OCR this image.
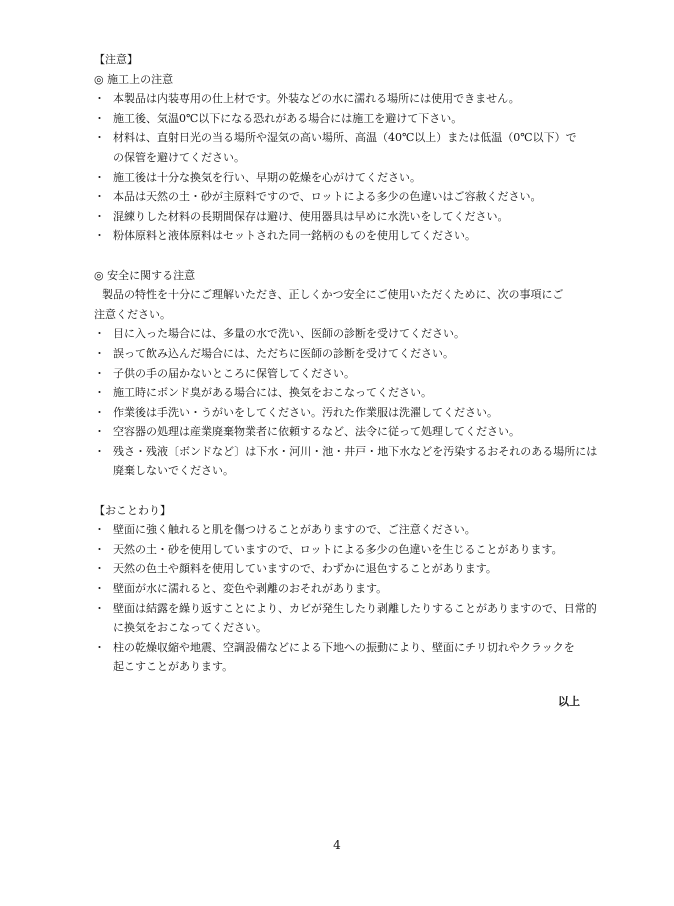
【注意】
◎ 施工上の注意
・ 本製品は内装専用の仕上材です。外装などの水に濡れる場所には使用できません。
・ 施工後、気温0℃以下になる恐れがある場合には施工を避けて下さい。
・ 材料は、直射日光の当る場所や湿気の高い場所、高温（40℃以上）または低温（0℃以下）で
の保管を避けてください。
・ 施工後は十分な換気を行い、早期の乾燥を心がけてください。
・ 本品は天然の土・砂が主原料ですので、ロットによる多少の色違いはご容赦ください。
・ 混練りした材料の長期間保存は避け、使用器具は早めに水洗いをしてください。
・ 粉体原料と液体原料はセットされた同一銘柄のものを使用してください。
◎ 安全に関する注意
製品の特性を十分にご理解いただき、正しくかつ安全にご使用いただくために、次の事項にご
注意ください。
・ 目に入った場合には、多量の水で洗い、医師の診断を受けてください。
・ 誤って飲み込んだ場合には、ただちに医師の診断を受けてください。
・ 子供の手の届かないところに保管してください。
・ 施工時にボンド臭がある場合には、換気をおこなってください。
・ 作業後は手洗い・うがいをしてください。汚れた作業服は洗濯してください。
・ 空容器の処理は産業廃棄物業者に依頼するなど、法令に従って処理してください。
・ 残さ・残液〔ボンドなど〕は下水・河川・池・井戸・地下水などを汚染するおそれのある場所には
廃棄しないでください。
【おことわり】
・ 壁面に強く触れると肌を傷つけることがありますので、ご注意ください。
・ 天然の土・砂を使用していますので、ロットによる多少の色違いを生じることがあります。
・ 天然の色土や顔料を使用していますので、わずかに退色することがあります。
・ 壁面が水に濡れると、変色や剥離のおそれがあります。
・ 壁面は結露を繰り返すことにより、カビが発生したり剥離したりすることがありますので、日常的
に換気をおこなってください。
・ 柱の乾燥収縮や地震、空調設備などによる下地への振動により、壁面にチリ切れやクラックを
起こすことがあります。
以上
4
